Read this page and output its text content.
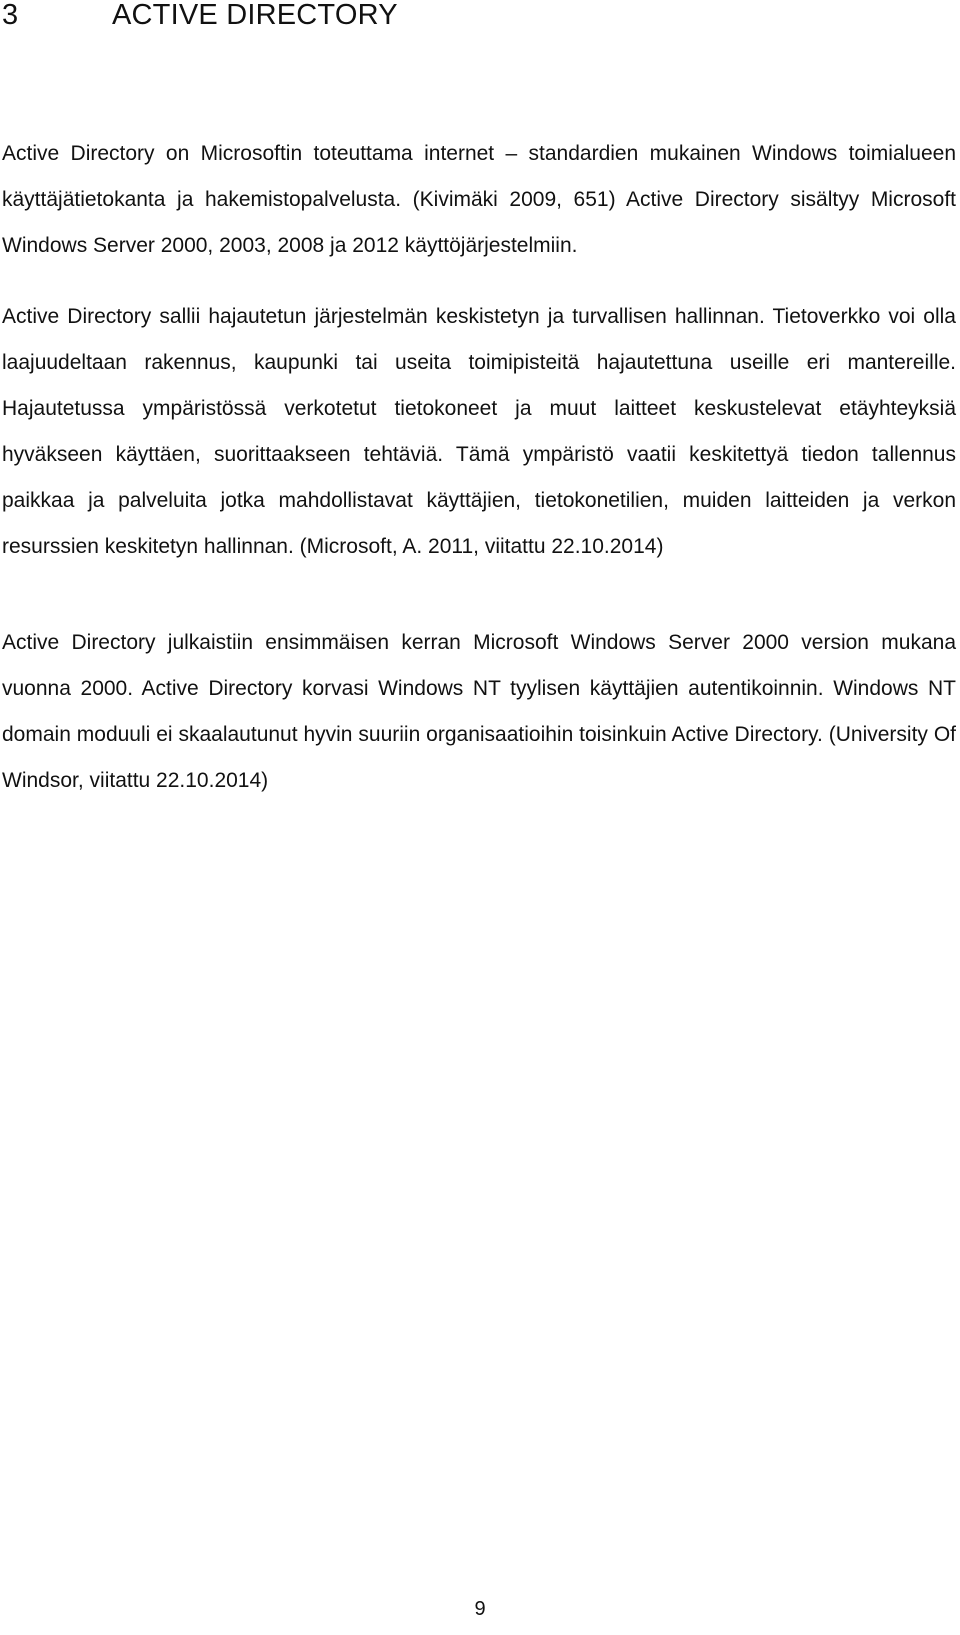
3	ACTIVE DIRECTORY

Active Directory on Microsoftin toteuttama internet – standardien mukainen Windows toimialueen käyttäjätietokanta ja hakemistopalvelusta. (Kivimäki 2009, 651) Active Directory sisältyy Microsoft Windows Server 2000, 2003, 2008 ja 2012 käyttöjärjestelmiin.

Active Directory sallii hajautetun järjestelmän keskistetyn ja turvallisen hallinnan. Tietoverkko voi olla laajuudeltaan rakennus, kaupunki tai useita toimipisteitä hajautettuna useille eri mantereille. Hajautetussa ympäristössä verkotetut tietokoneet ja muut laitteet keskustelevat etäyhteyksiä hyväkseen käyttäen, suorittaakseen tehtäviä. Tämä ympäristö vaatii keskitettyä tiedon tallennus paikkaa ja palveluita jotka mahdollistavat käyttäjien, tietokonetilien, muiden laitteiden ja verkon resurssien keskitetyn hallinnan. (Microsoft, A. 2011, viitattu 22.10.2014)

Active Directory julkaistiin ensimmäisen kerran Microsoft Windows Server 2000 version mukana vuonna 2000. Active Directory korvasi Windows NT tyylisen käyttäjien autentikoinnin. Windows NT domain moduuli ei skaalautunut hyvin suuriin organisaatioihin toisinkuin Active Directory. (University Of Windsor, viitattu 22.10.2014)

9
